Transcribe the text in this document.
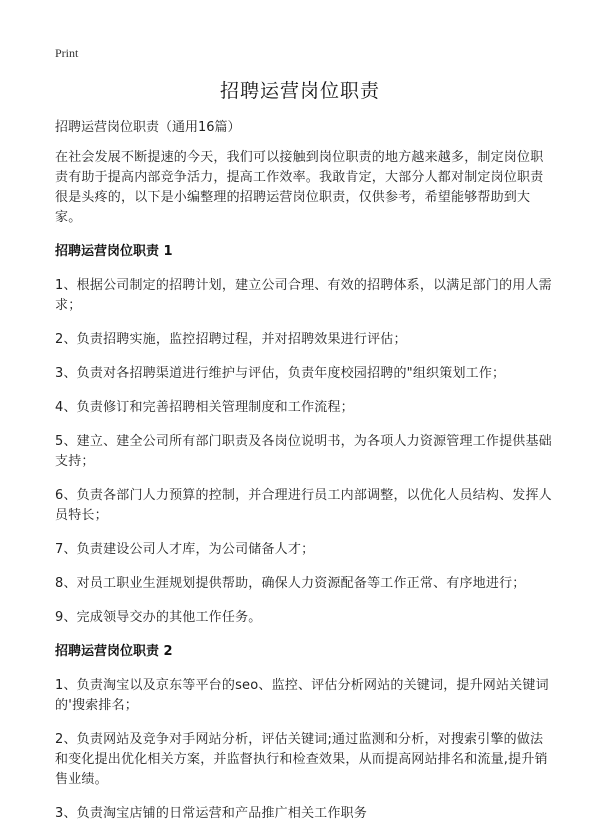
Print
招聘运营岗位职责
招聘运营岗位职责（通用16篇）
在社会发展不断提速的今天，我们可以接触到岗位职责的地方越来越多，制定岗位职责有助于提高内部竞争活力，提高工作效率。我敢肯定，大部分人都对制定岗位职责很是头疼的，以下是小编整理的招聘运营岗位职责，仅供参考，希望能够帮助到大家。
招聘运营岗位职责 1
1、根据公司制定的招聘计划，建立公司合理、有效的招聘体系，以满足部门的用人需求；
2、负责招聘实施，监控招聘过程，并对招聘效果进行评估；
3、负责对各招聘渠道进行维护与评估，负责年度校园招聘的"组织策划工作；
4、负责修订和完善招聘相关管理制度和工作流程；
5、建立、建全公司所有部门职责及各岗位说明书，为各项人力资源管理工作提供基础支持；
6、负责各部门人力预算的控制，并合理进行员工内部调整，以优化人员结构、发挥人员特长；
7、负责建设公司人才库，为公司储备人才；
8、对员工职业生涯规划提供帮助，确保人力资源配备等工作正常、有序地进行；
9、完成领导交办的其他工作任务。
招聘运营岗位职责 2
1、负责淘宝以及京东等平台的seo、监控、评估分析网站的关键词，提升网站关键词的'搜索排名；
2、负责网站及竞争对手网站分析，评估关键词;通过监测和分析，对搜索引擎的做法和变化提出优化相关方案，并监督执行和检查效果，从而提高网站排名和流量,提升销售业绩。
3、负责淘宝店铺的日常运营和产品推广相关工作职务
